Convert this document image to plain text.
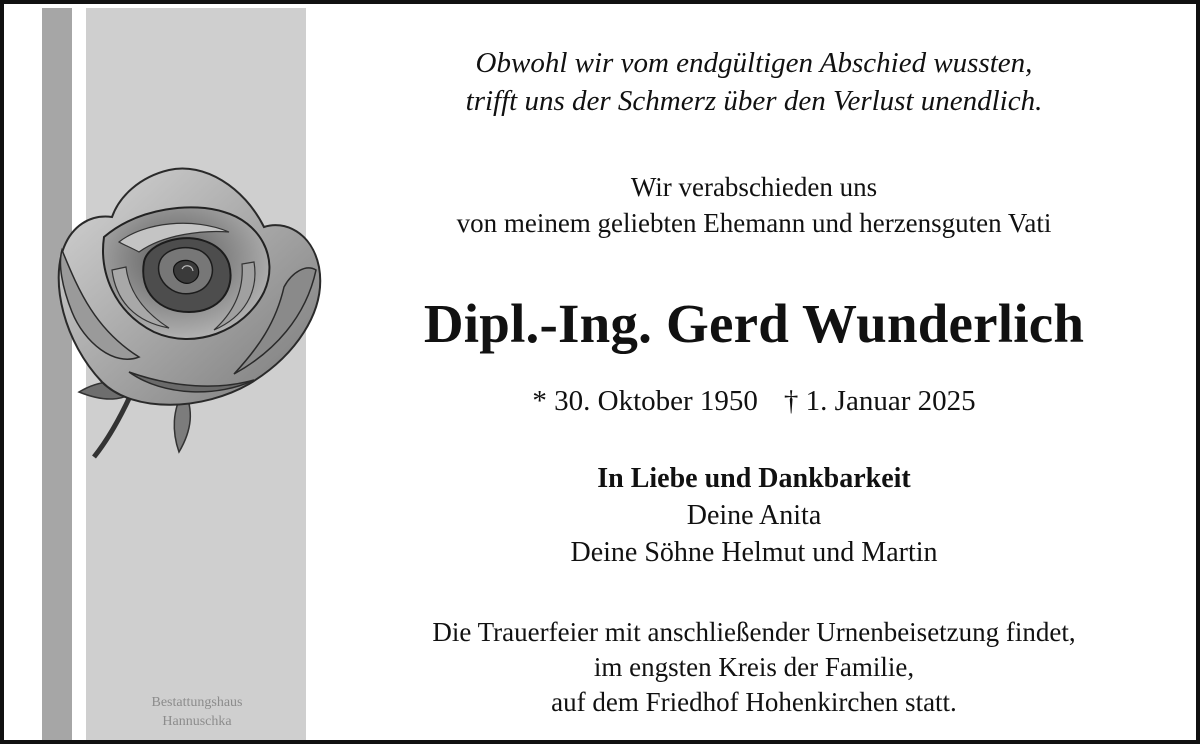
Bestattungshaus
Hannuschka
Obwohl wir vom endgültigen Abschied wussten,
trifft uns der Schmerz über den Verlust unendlich.
Wir verabschieden uns
von meinem geliebten Ehemann und herzensguten Vati
Dipl.-Ing. Gerd Wunderlich
* 30. Oktober 1950 † 1. Januar 2025
In Liebe und Dankbarkeit
Deine Anita
Deine Söhne Helmut und Martin
Die Trauerfeier mit anschließender Urnenbeisetzung findet,
im engsten Kreis der Familie,
auf dem Friedhof Hohenkirchen statt.
